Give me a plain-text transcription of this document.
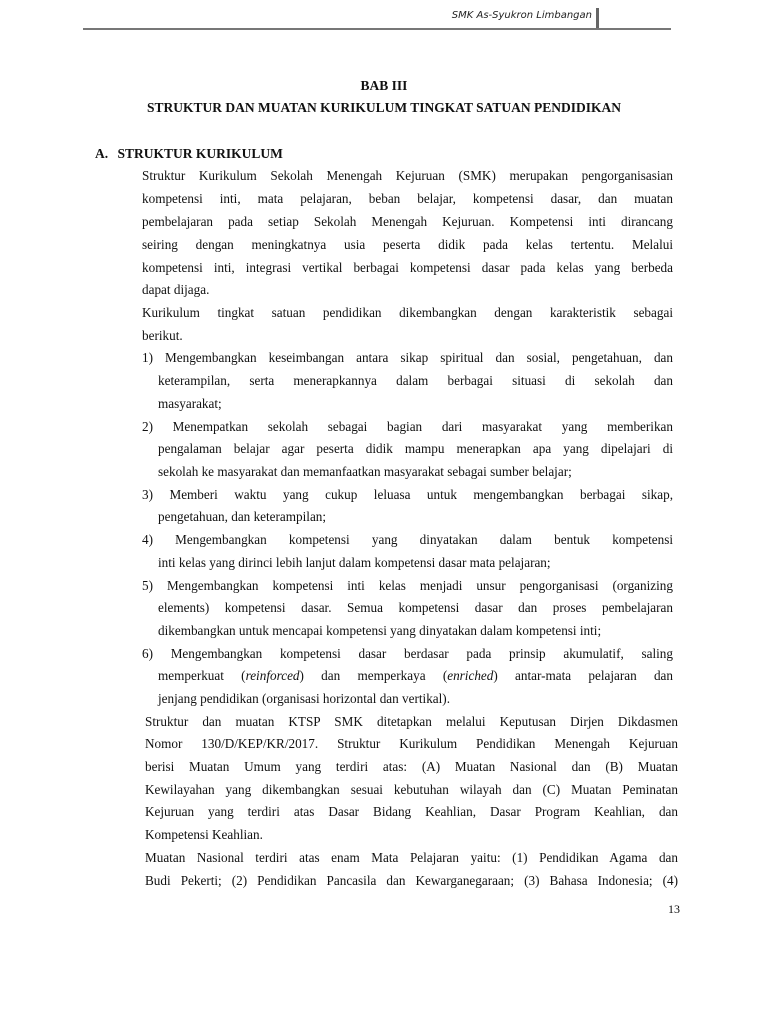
SMK As-Syukron Limbangan
BAB III
STRUKTUR DAN MUATAN KURIKULUM TINGKAT SATUAN PENDIDIKAN
A. STRUKTUR KURIKULUM
Struktur Kurikulum Sekolah Menengah Kejuruan (SMK) merupakan pengorganisasian
kompetensi inti, mata pelajaran, beban belajar, kompetensi dasar, dan muatan
pembelajaran pada setiap Sekolah Menengah Kejuruan. Kompetensi inti dirancang
seiring dengan meningkatnya usia peserta didik pada kelas tertentu. Melalui
kompetensi inti, integrasi vertikal berbagai kompetensi dasar pada kelas yang berbeda
dapat dijaga.
Kurikulum tingkat satuan pendidikan dikembangkan dengan karakteristik sebagai
berikut.
1) Mengembangkan keseimbangan antara sikap spiritual dan sosial, pengetahuan, dan
keterampilan, serta menerapkannya dalam berbagai situasi di sekolah dan
masyarakat;
2) Menempatkan sekolah sebagai bagian dari masyarakat yang memberikan
pengalaman belajar agar peserta didik mampu menerapkan apa yang dipelajari di
sekolah ke masyarakat dan memanfaatkan masyarakat sebagai sumber belajar;
3) Memberi waktu yang cukup leluasa untuk mengembangkan berbagai sikap,
pengetahuan, dan keterampilan;
4) Mengembangkan kompetensi yang dinyatakan dalam bentuk kompetensi
inti kelas yang dirinci lebih lanjut dalam kompetensi dasar mata pelajaran;
5) Mengembangkan kompetensi inti kelas menjadi unsur pengorganisasi (organizing
elements) kompetensi dasar. Semua kompetensi dasar dan proses pembelajaran
dikembangkan untuk mencapai kompetensi yang dinyatakan dalam kompetensi inti;
6) Mengembangkan kompetensi dasar berdasar pada prinsip akumulatif, saling
memperkuat (reinforced) dan memperkaya (enriched) antar-mata pelajaran dan
jenjang pendidikan (organisasi horizontal dan vertikal).
Struktur dan muatan KTSP SMK ditetapkan melalui Keputusan Dirjen Dikdasmen
Nomor 130/D/KEP/KR/2017. Struktur Kurikulum Pendidikan Menengah Kejuruan
berisi Muatan Umum yang terdiri atas: (A) Muatan Nasional dan (B) Muatan
Kewilayahan yang dikembangkan sesuai kebutuhan wilayah dan (C) Muatan Peminatan
Kejuruan yang terdiri atas Dasar Bidang Keahlian, Dasar Program Keahlian, dan
Kompetensi Keahlian.
Muatan Nasional terdiri atas enam Mata Pelajaran yaitu: (1) Pendidikan Agama dan
Budi Pekerti; (2) Pendidikan Pancasila dan Kewarganegaraan; (3) Bahasa Indonesia; (4)
13
